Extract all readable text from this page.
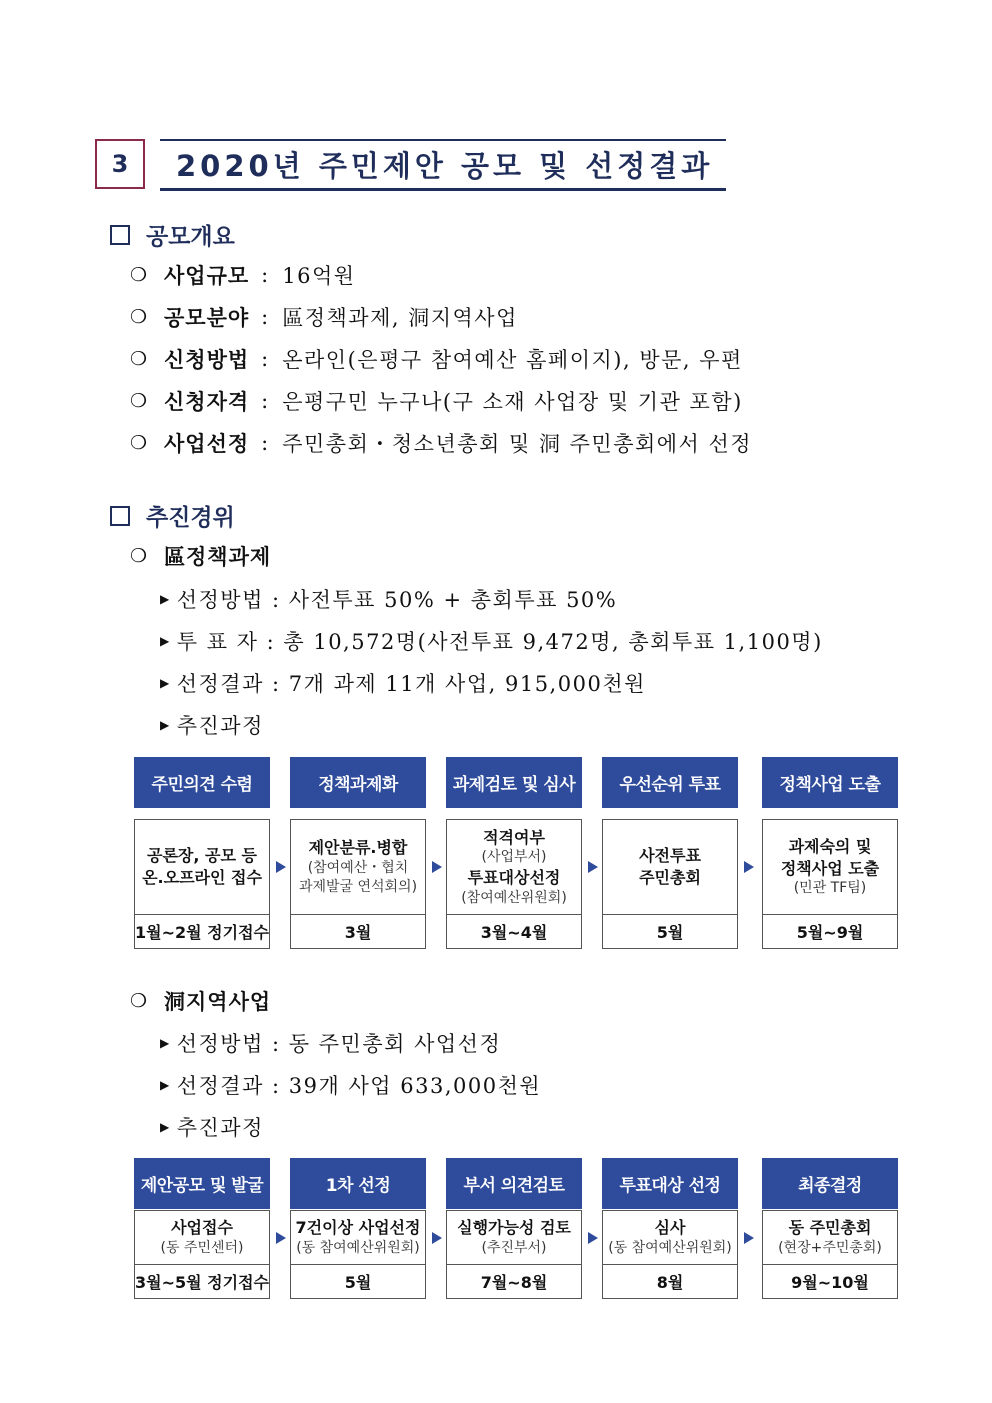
3	2020년 주민제안 공모 및 선정결과
공모개요
❍ 사업규모 : 16억원
❍ 공모분야 : 區정책과제, 洞지역사업
❍ 신청방법 : 온라인(은평구 참여예산 홈페이지), 방문, 우편
❍ 신청자격 : 은평구민 누구나(구 소재 사업장 및 기관 포함)
❍ 사업선정 : 주민총회・청소년총회 및 洞 주민총회에서 선정
추진경위
❍ 區정책과제
▶ 선정방법 : 사전투표 50% + 총회투표 50%
▶ 투 표 자 : 총 10,572명(사전투표 9,472명, 총회투표 1,100명)
▶ 선정결과 : 7개 과제 11개 사업, 915,000천원
▶ 추진과정
주민의견 수렴
공론장, 공모 등
온.오프라인 접수
1월~2월 정기접수
정책과제화
제안분류.병합
(참여예산・협치
과제발굴 연석회의)
3월
과제검토 및 심사
적격여부
(사업부서)
투표대상선정
(참여예산위원회)
3월~4월
우선순위 투표
사전투표
주민총회
5월
정책사업 도출
과제숙의 및
정책사업 도출
(민관 TF팀)
5월~9월
❍ 洞지역사업
▶ 선정방법 : 동 주민총회 사업선정
▶ 선정결과 : 39개 사업 633,000천원
▶ 추진과정
제안공모 및 발굴
사업접수
(동 주민센터)
3월~5월 정기접수
1차 선정
7건이상 사업선정
(동 참여예산위원회)
5월
부서 의견검토
실행가능성 검토
(추진부서)
7월~8월
투표대상 선정
심사
(동 참여예산위원회)
8월
최종결정
동 주민총회
(현장+주민총회)
9월~10월
